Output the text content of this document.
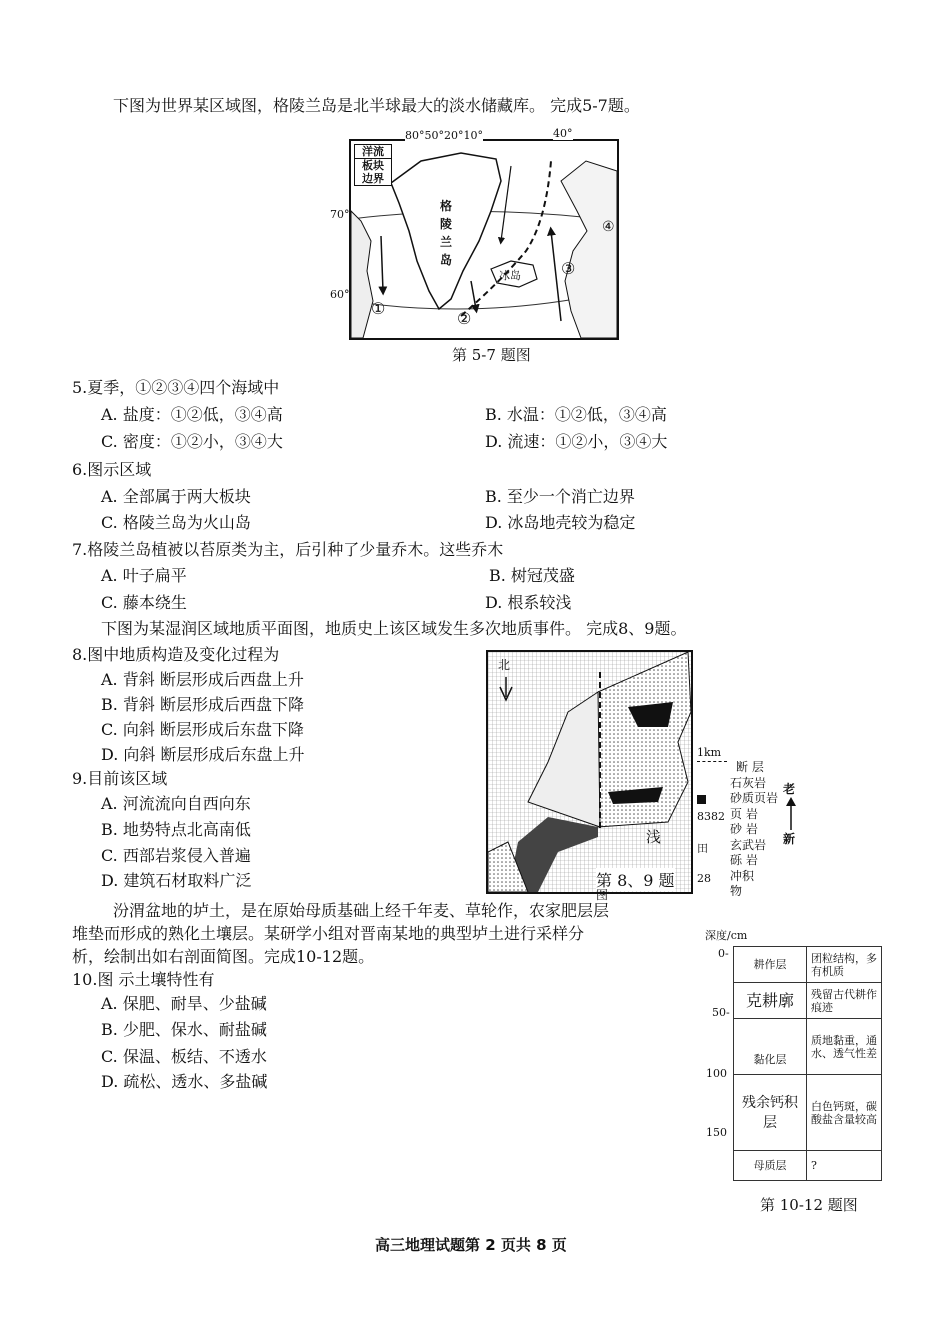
下图为世界某区域图，格陵兰岛是北半球最大的淡水储藏库。 完成5-7题。
洋流
板块
边界
格
陵
兰
岛
冰岛
①
②
③
④
80°50°20°10°	40°
70°
60°
第 5-7 题图
5.夏季，①②③④四个海域中
A. 盐度：①②低，③④高	B. 水温：①②低，③④高
C. 密度：①②小，③④大	D. 流速：①②小，③④大
6.图示区域
A. 全部属于两大板块	B. 至少一个消亡边界
C. 格陵兰岛为火山岛	D. 冰岛地壳较为稳定
7.格陵兰岛植被以苔原类为主，后引种了少量乔木。这些乔木
A. 叶子扁平	B. 树冠茂盛
C. 藤本绕生	D. 根系较浅
下图为某湿润区域地质平面图，地质史上该区域发生多次地质事件。 完成8、9题。
8.图中地质构造及变化过程为
A. 背斜 断层形成后西盘上升
B. 背斜 断层形成后西盘下降
C. 向斜 断层形成后东盘下降
D. 向斜 断层形成后东盘上升
9.目前该区域
A. 河流流向自西向东
B. 地势特点北高南低
C. 西部岩浆侵入普遍
D. 建筑石材取料广泛
北
第 8、9 题
图
浅
1km
8382
田
28
断 层
石灰岩
砂质页岩
页 岩
砂 岩
玄武岩
砾 岩
冲积
物
老
新
汾渭盆地的垆土，是在原始母质基础上经千年麦、草轮作，农家肥层层
堆垫而形成的熟化土壤层。某研学小组对晋南某地的典型垆土进行采样分
析，绘制出如右剖面简图。完成10-12题。
10.图 示土壤特性有
A. 保肥、耐旱、少盐碱
B. 少肥、保水、耐盐碱
C. 保温、板结、不透水
D. 疏松、透水、多盐碱
深度/cm
0-
50-
100
150
耕作层	团粒结构，多有机质
克耕廓	残留古代耕作痕迹
黏化层	质地黏重，通水、透气性差
残余钙积层	白色钙斑，碳酸盐含量较高
母质层	?
第 10-12 题图
高三地理试题第 2 页共 8 页
